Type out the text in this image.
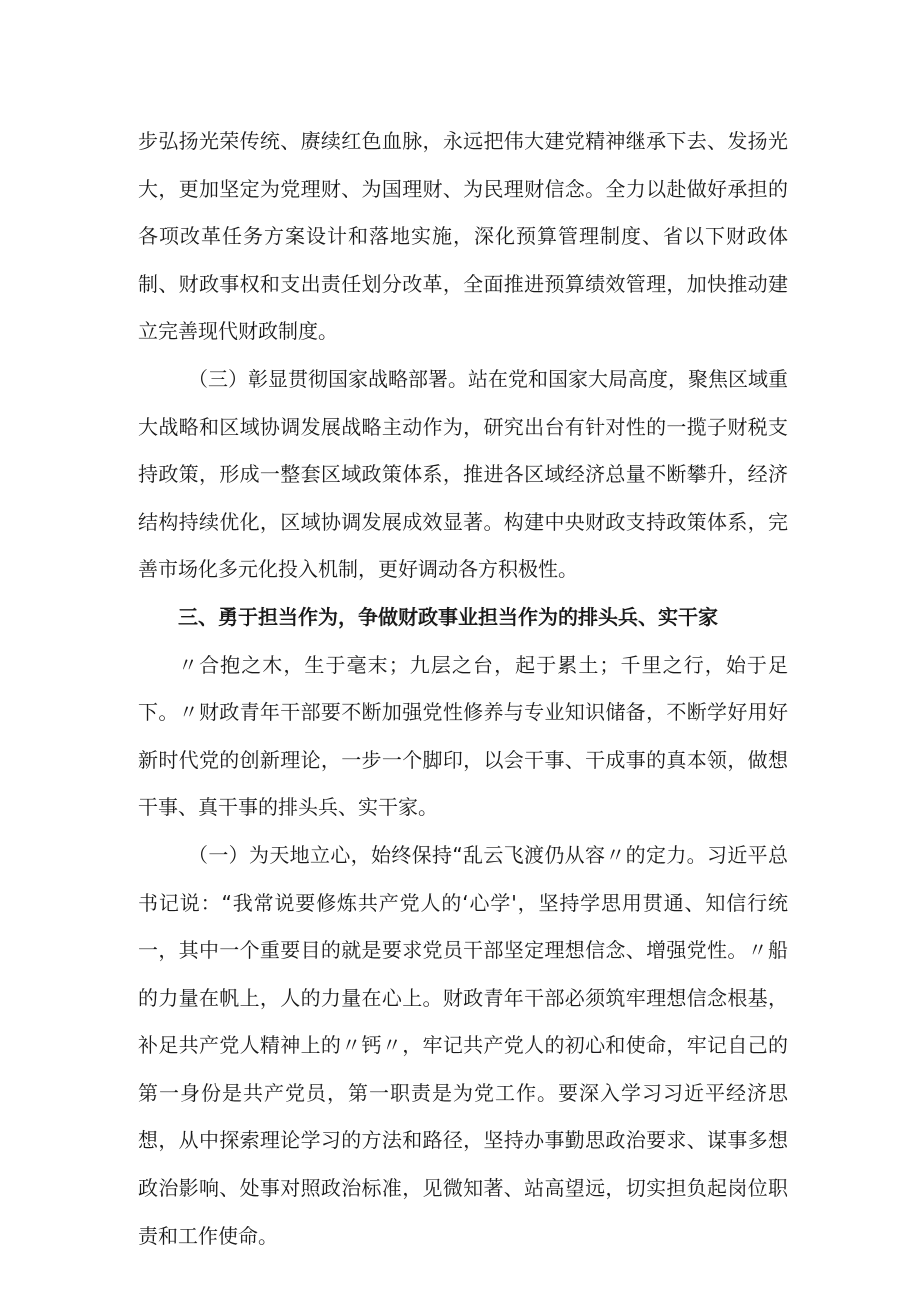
步弘扬光荣传统、赓续红色血脉，永远把伟大建党精神继承下去、发扬光大，更加坚定为党理财、为国理财、为民理财信念。全力以赴做好承担的各项改革任务方案设计和落地实施，深化预算管理制度、省以下财政体制、财政事权和支出责任划分改革，全面推进预算绩效管理，加快推动建立完善现代财政制度。

（三）彰显贯彻国家战略部署。站在党和国家大局高度，聚焦区域重大战略和区域协调发展战略主动作为，研究出台有针对性的一揽子财税支持政策，形成一整套区域政策体系，推进各区域经济总量不断攀升，经济结构持续优化，区域协调发展成效显著。构建中央财政支持政策体系，完善市场化多元化投入机制，更好调动各方积极性。

三、勇于担当作为，争做财政事业担当作为的排头兵、实干家

〃合抱之木，生于毫末；九层之台，起于累土；千里之行，始于足下。〃财政青年干部要不断加强党性修养与专业知识储备，不断学好用好新时代党的创新理论，一步一个脚印，以会干事、干成事的真本领，做想干事、真干事的排头兵、实干家。

（一）为天地立心，始终保持“乱云飞渡仍从容〃的定力。习近平总书记说：“我常说要修炼共产党人的‘心学'，坚持学思用贯通、知信行统一，其中一个重要目的就是要求党员干部坚定理想信念、增强党性。〃船的力量在帆上，人的力量在心上。财政青年干部必须筑牢理想信念根基，补足共产党人精神上的〃钙〃，牢记共产党人的初心和使命，牢记自己的第一身份是共产党员，第一职责是为党工作。要深入学习习近平经济思想，从中探索理论学习的方法和路径，坚持办事勤思政治要求、谋事多想政治影响、处事对照政治标准，见微知著、站高望远，切实担负起岗位职责和工作使命。
